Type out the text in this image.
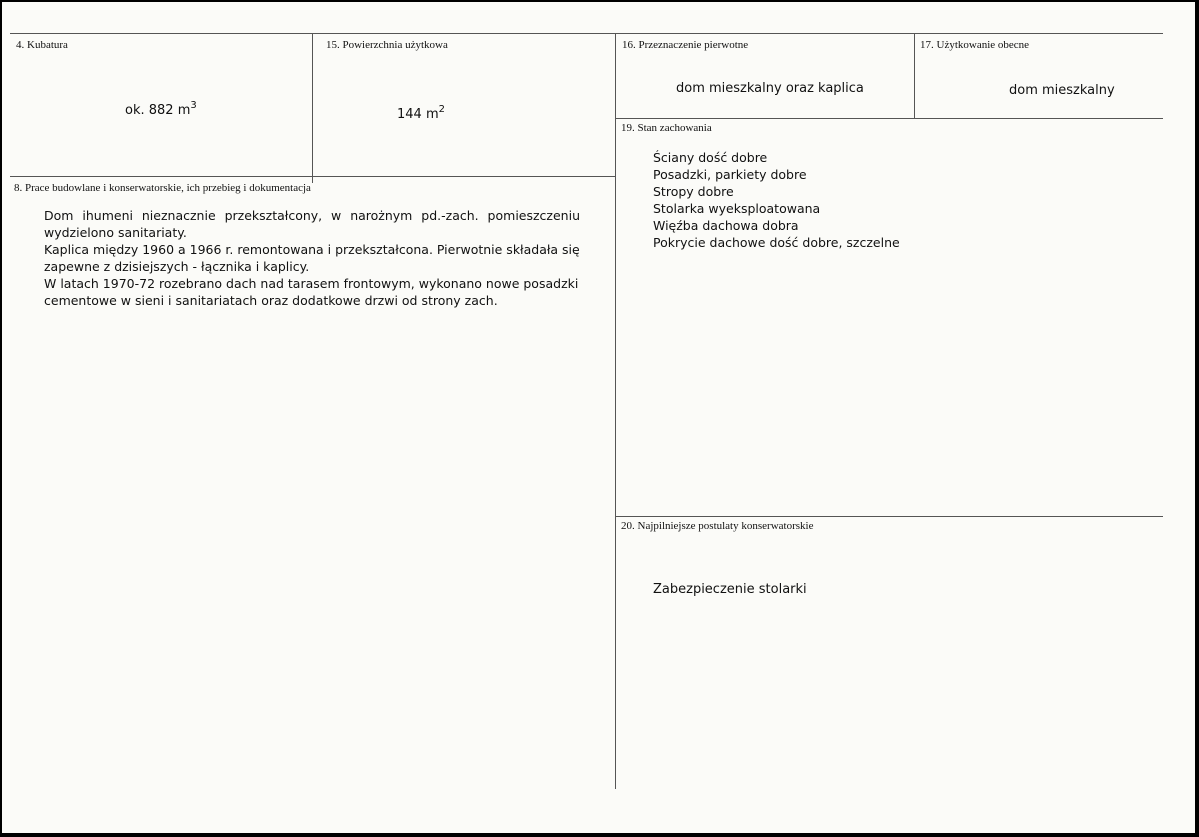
4. Kubatura
ok. 882 $m^3$
15. Powierzchnia użytkowa
144 $m^2$
16. Przeznaczenie pierwotne
dom mieszkalny oraz kaplica
17. Użytkowanie obecne
dom mieszkalny
19. Stan zachowania
Ściany dość dobre
Posadzki, parkiety dobre
Stropy dobre
Stolarka wyeksploatowana
Więźba dachowa dobra
Pokrycie dachowe dość dobre, szczelne
8. Prace budowlane i konserwatorskie, ich przebieg i dokumentacja
Dom ihumeni nieznacznie przekształcony, w narożnym pd.-zach. pomieszczeniu
wydzielono sanitariaty.
Kaplica między 1960 a 1966 r. remontowana i przekształcona. Pierwotnie składała się
zapewne z dzisiejszych - łącznika i kaplicy.
W latach 1970-72 rozebrano dach nad tarasem frontowym, wykonano nowe posadzki
cementowe w sieni i sanitariatach oraz dodatkowe drzwi od strony zach.
20. Najpilniejsze postulaty konserwatorskie
Zabezpieczenie stolarki
